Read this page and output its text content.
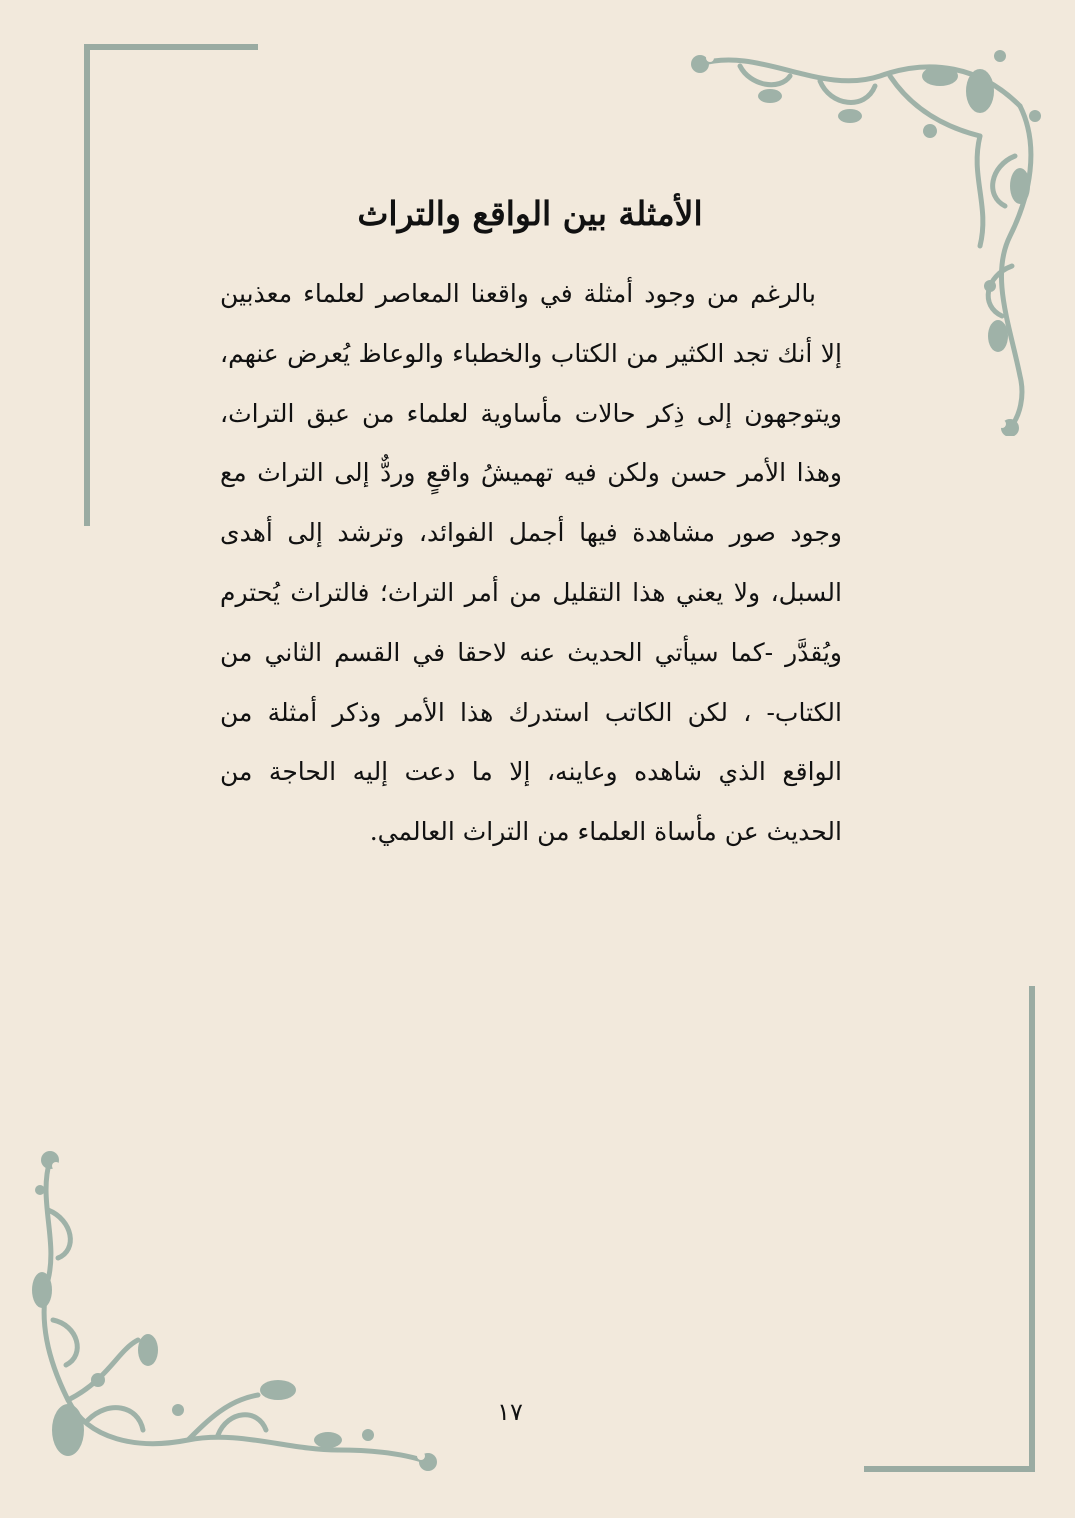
الأمثلة بين الواقع والتراث

بالرغم من وجود أمثلة في واقعنا المعاصر لعلماء معذبين إلا أنك تجد الكثير من الكتاب والخطباء والوعاظ يُعرض عنهم، ويتوجهون إلى ذِكر حالات مأساوية لعلماء من عبق التراث، وهذا الأمر حسن ولكن فيه تهميشُ واقعٍ وردٌّ إلى التراث مع وجود صور مشاهدة فيها أجمل الفوائد، وترشد إلى أهدى السبل، ولا يعني هذا التقليل من أمر التراث؛ فالتراث يُحترم ويُقدَّر -كما سيأتي الحديث عنه لاحقا في القسم الثاني من الكتاب- ، لكن الكاتب استدرك هذا الأمر وذكر أمثلة من الواقع الذي شاهده وعاينه، إلا ما دعت إليه الحاجة من الحديث عن مأساة العلماء من التراث العالمي.

١٧
